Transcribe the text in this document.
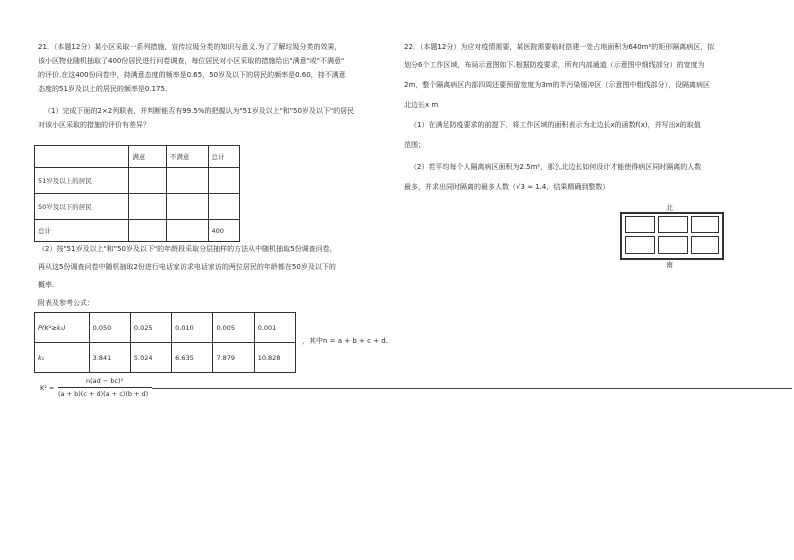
21．（本题12分）某小区采取一系列措施，宣传垃圾分类的知识与意义.为了了解垃圾分类的效果，
该小区物业随机抽取了400份居民进行问卷调查，每位居民对小区采取的措施给出"满意"或"不满意"
的评价.在这400份问卷中，持满意态度的频率是0.65，50岁及以下的居民的频率是0.60，持不满意
态度的51岁及以上的居民的频率是0.175.
（1）完成下面的2×2列联表，并判断能否有99.5%的把握认为"51岁及以上"和"50岁及以下"的居民
对该小区采取的措施的评价有差异？
	满意	不满意	总计
51岁及以上的居民			
50岁及以下的居民			
总计			400
（2）按"51岁及以上"和"50岁及以下"的年龄段采取分层抽样的方法从中随机抽取5份调查问卷，
再从这5份调查问卷中随机抽取2份进行电话家访求电话家访的两位居民的年龄都在50岁及以下的
概率.
附表及参考公式：
P(K²≥k₀)	0.050	0.025	0.010	0.005	0.001
k₀	3.841	5.024	6.635	7.879	10.828
，其中n = a + b + c + d.
K² =
n(ad − bc)²
(a + b)(c + d)(a + c)(b + d)
22．（本题12分）为应对疫情需要，某医院需要临时搭建一处占地面积为640m²的矩形隔离病区，拟
划分6个工作区域，布局示意图如下.根据防疫要求，所有内部通道（示意图中细线部分）的宽度为
2m，整个隔离病区内部四周还要预留宽度为3m的半污染缓冲区（示意图中粗线部分），设隔离病区
北边长x m
（1）在满足防疫要求的前提下，将工作区域的面积表示为北边长x的函数f(x)，并写出x的取值
范围；
（2）若平均每个人隔离病区面积为2.5m²，那么北边长如何设计才能使得病区同时隔离的人数
最多，并求出同时隔离的最多人数（√3 ≈ 1.4，结果精确到整数）
北
南
